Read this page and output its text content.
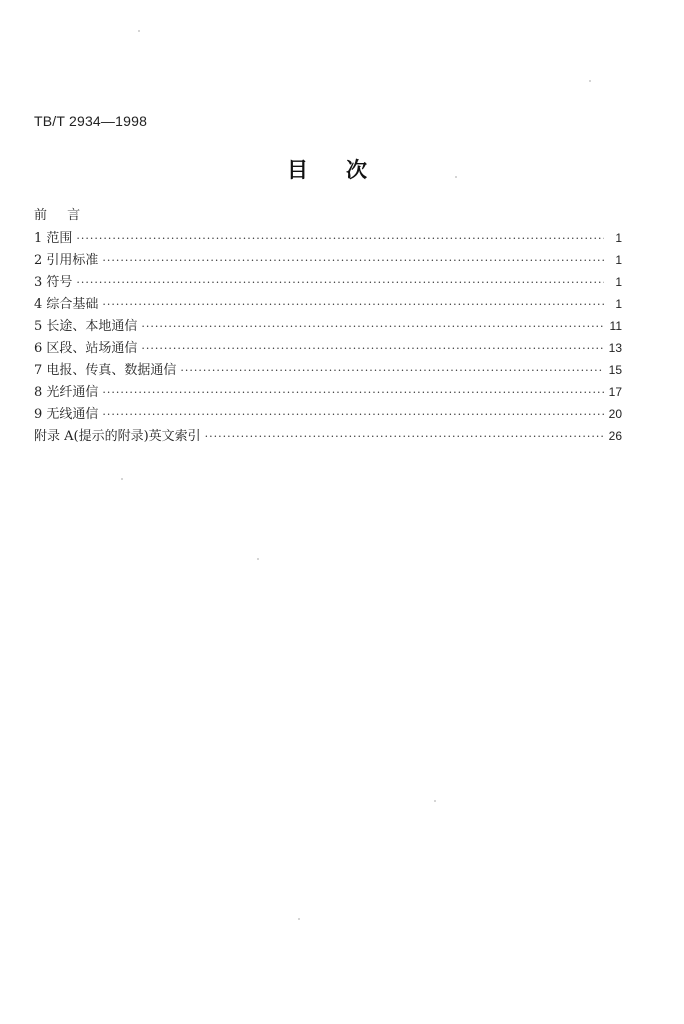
TB/T 2934—1998
目次
前 言
1 范围 ·····	1
2 引用标准 ·····	1
3 符号 ·····	1
4 综合基础 ·····	1
5 长途、本地通信 ·····	11
6 区段、站场通信 ·····	13
7 电报、传真、数据通信 ·····	15
8 光纤通信 ·····	17
9 无线通信 ·····	20
附录 A(提示的附录)英文索引 ·····	26
